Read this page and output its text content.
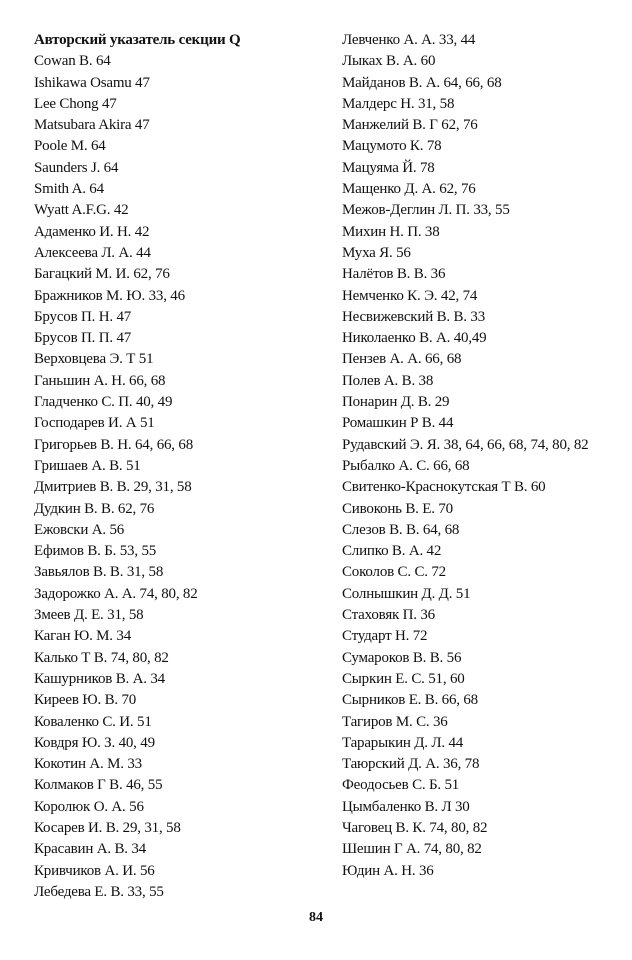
Авторский указатель секции Q
Cowan B. 64
Ishikawa Osamu 47
Lee Chong 47
Matsubara Akira 47
Poole M. 64
Saunders J. 64
Smith A. 64
Wyatt A.F.G. 42
Адаменко И. Н. 42
Алексеева Л. А. 44
Багацкий М. И. 62, 76
Бражников М. Ю. 33, 46
Брусов П. Н. 47
Брусов П. П. 47
Верховцева Э. Т 51
Ганьшин А. Н. 66, 68
Гладченко С. П. 40, 49
Господарев И. А 51
Григорьев В. Н. 64, 66, 68
Гришаев А. В. 51
Дмитриев В. В. 29, 31, 58
Дудкин В. В. 62, 76
Ежовски А. 56
Ефимов В. Б. 53, 55
Завьялов В. В. 31, 58
Задорожко А. А. 74, 80, 82
Змеев Д. Е. 31, 58
Каган Ю. М. 34
Калько Т В. 74, 80, 82
Кашурников В. А. 34
Киреев Ю. В. 70
Коваленко С. И. 51
Ковдря Ю. З. 40, 49
Кокотин А. М. 33
Колмаков Г В. 46, 55
Королюк О. А. 56
Косарев И. В. 29, 31, 58
Красавин А. В. 34
Кривчиков А. И. 56
Лебедева Е. В. 33, 55
Левченко А. А. 33, 44
Лыках В. А. 60
Майданов В. А. 64, 66, 68
Малдерс Н. 31, 58
Манжелий В. Г 62, 76
Мацумото К. 78
Мацуяма Й. 78
Мащенко Д. А. 62, 76
Межов-Деглин Л. П. 33, 55
Михин Н. П. 38
Муха Я. 56
Налётов В. В. 36
Немченко К. Э. 42, 74
Несвижевский В. В. 33
Николаенко В. А. 40,49
Пензев А. А. 66, 68
Полев А. В. 38
Понарин Д. В. 29
Ромашкин Р В. 44
Рудавский Э. Я. 38, 64, 66, 68, 74, 80, 82
Рыбалко А. С. 66, 68
Свитенко-Краснокутская Т В. 60
Сивоконь В. Е. 70
Слезов В. В. 64, 68
Слипко В. А. 42
Соколов С. С. 72
Солнышкин Д. Д. 51
Стаховяк П. 36
Стударт Н. 72
Сумароков В. В. 56
Сыркин Е. С. 51, 60
Сырников Е. В. 66, 68
Тагиров М. С. 36
Тарарыкин Д. Л. 44
Таюрский Д. А. 36, 78
Феодосьев С. Б. 51
Цымбаленко В. Л 30
Чаговец В. К. 74, 80, 82
Шешин Г А. 74, 80, 82
Юдин А. Н. 36
84
